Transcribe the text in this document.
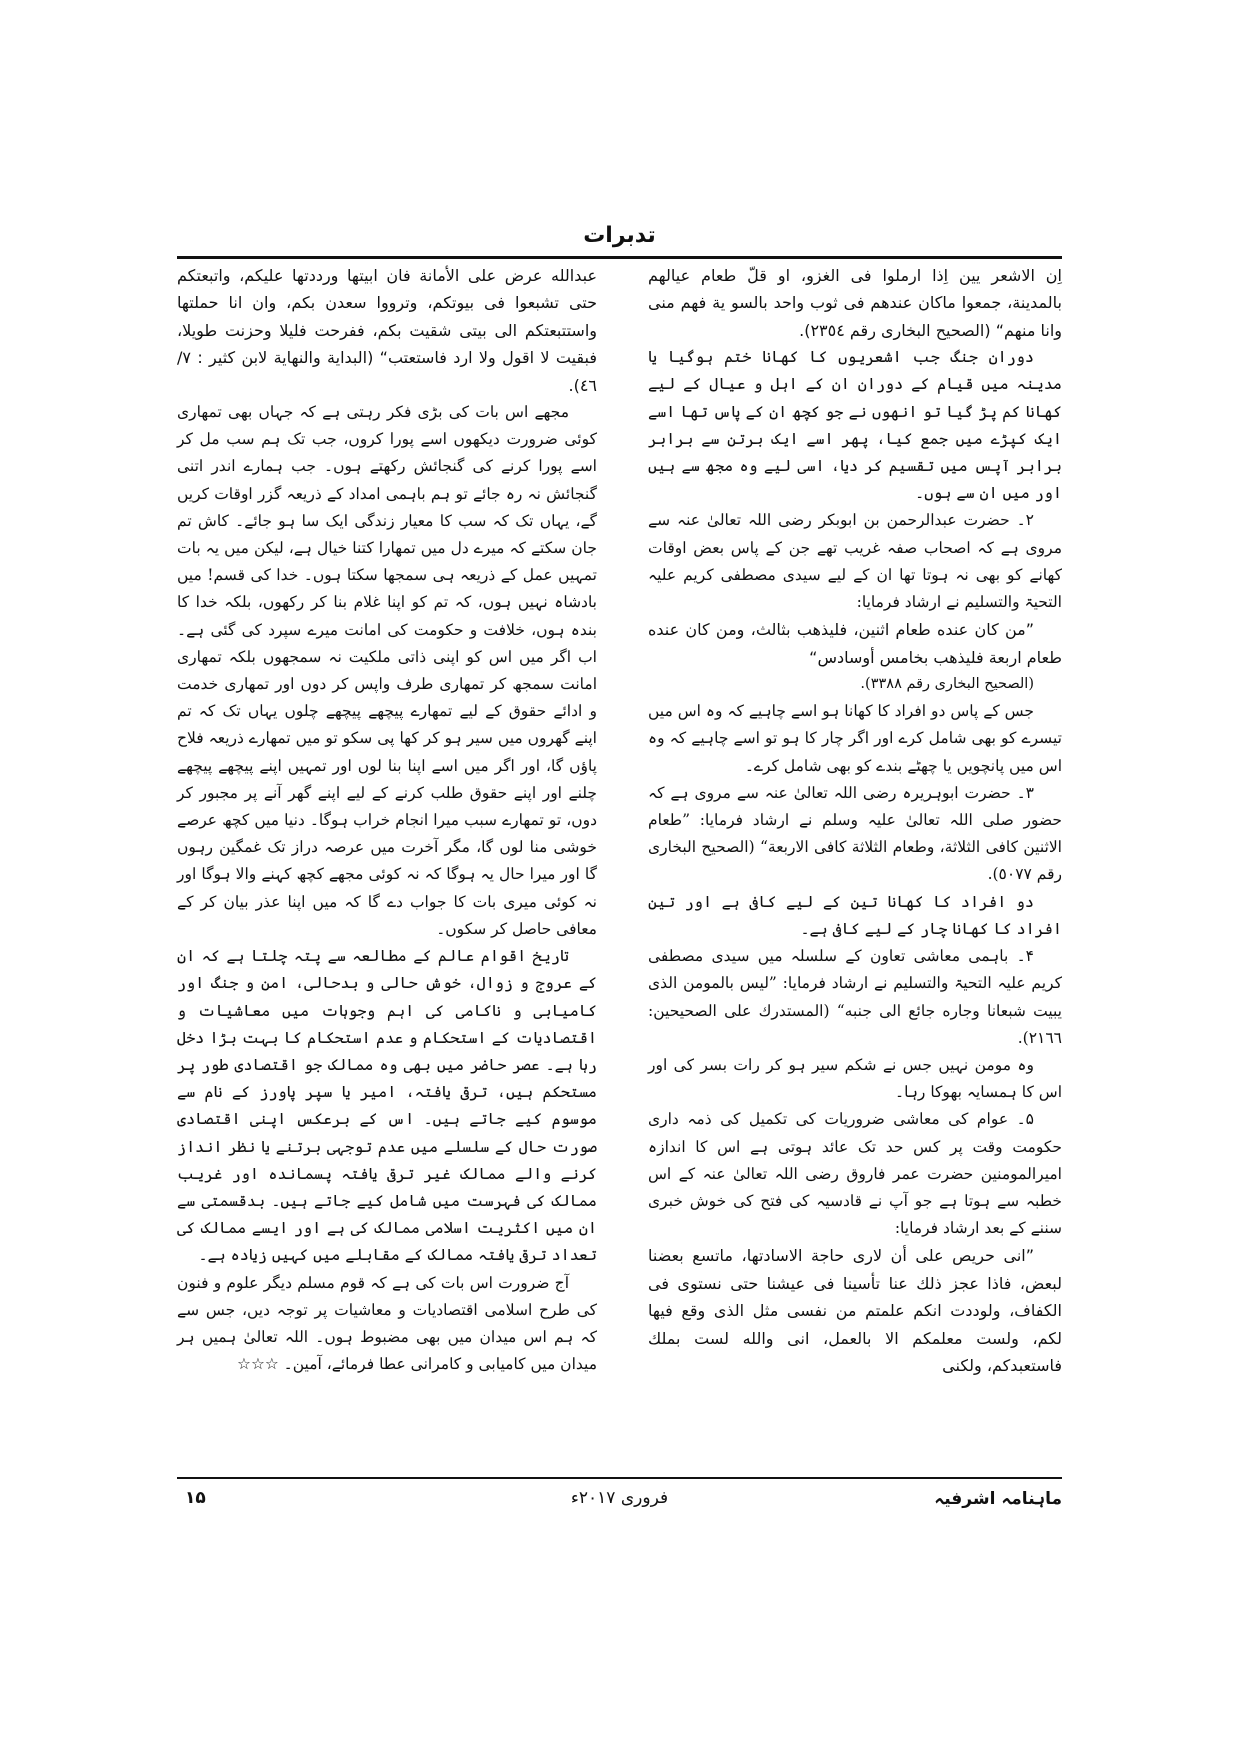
تدبرات

اِن الاشعر يين اِذا ارملوا فى الغزو، او قلّ طعام عيالهم بالمدينة، جمعوا ماكان عندهم فى ثوب واحد بالسو ية فهم منى وانا منهم“ (الصحيح البخارى رقم ٢٣٥٤).

دوران جنگ جب اشعریوں کا کھانا ختم ہوگیا یا مدینہ میں قیام کے دوران ان کے اہل و عیال کے لیے کھانا کم پڑ گیا تو انھوں نے جو کچھ ان کے پاس تھا اسے ایک کپڑے میں جمع کیا، پھر اسے ایک برتن سے برابر برابر آپس میں تقسیم کر دیا، اسی لیے وہ مجھ سے ہیں اور میں ان سے ہوں۔

۲۔ حضرت عبدالرحمن بن ابوبکر رضی اللہ تعالیٰ عنہ سے مروی ہے کہ اصحاب صفہ غریب تھے جن کے پاس بعض اوقات کھانے کو بھی نہ ہوتا تھا ان کے لیے سیدی مصطفی کریم علیہ التحیۃ والتسلیم نے ارشاد فرمایا:

”من كان عنده طعام اثنين، فليذهب بثالث، ومن كان عنده طعام اربعة فليذهب بخامس أوسادس“

(الصحيح البخارى رقم ٣٣٨٨).

جس کے پاس دو افراد کا کھانا ہو اسے چاہیے کہ وہ اس میں تیسرے کو بھی شامل کرے اور اگر چار کا ہو تو اسے چاہیے کہ وہ اس میں پانچویں یا چھٹے بندے کو بھی شامل کرے۔

۳۔ حضرت ابوہریرہ رضی اللہ تعالیٰ عنہ سے مروی ہے کہ حضور صلی اللہ تعالیٰ علیہ وسلم نے ارشاد فرمایا: ”طعام الاثنين كافى الثلاثة، وطعام الثلاثة كافى الاربعة“ (الصحيح البخارى رقم ٥٠٧٧).

دو افراد کا کھانا تین کے لیے کافی ہے اور تین افراد کا کھانا چار کے لیے کافی ہے۔

۴۔ باہمی معاشی تعاون کے سلسلہ میں سیدی مصطفی کریم علیہ التحیۃ والتسلیم نے ارشاد فرمایا: ”ليس بالمومن الذى يبيت شبعانا وجاره جائع الى جنبه“ (المستدرك على الصحيحين: ٢١٦٦).

وہ مومن نہیں جس نے شکم سیر ہو کر رات بسر کی اور اس کا ہمسایہ بھوکا رہا۔

۵۔ عوام کی معاشی ضروریات کی تکمیل کی ذمہ داری حکومت وقت پر کس حد تک عائد ہوتی ہے اس کا اندازہ امیرالمومنین حضرت عمر فاروق رضی اللہ تعالیٰ عنہ کے اس خطبہ سے ہوتا ہے جو آپ نے قادسیہ کی فتح کی خوش خبری سننے کے بعد ارشاد فرمایا:

”انى حريص على أن لارى حاجة الاسادتها، ماتسع بعضنا لبعض، فاذا عجز ذلك عنا تأسينا فى عيشنا حتى نستوى فى الكفاف، ولوددت انكم علمتم من نفسى مثل الذى وقع فيها لكم، ولست معلمكم الا بالعمل، انى والله لست بملك فاستعبدكم، ولكنى

عبدالله عرض على الأمانة فان ابيتها ورددتها عليكم، واتبعتكم حتى تشبعوا فى بيوتكم، وترووا سعدن بكم، وان انا حملتها واستتبعتكم الى بيتى شقيت بكم، ففرحت فليلا وحزنت طويلا، فبقيت لا اقول ولا ارد فاستعتب“ (البداية والنهاية لابن كثير : ٧/ ٤٦).

مجھے اس بات کی بڑی فکر رہتی ہے کہ جہاں بھی تمھاری کوئی ضرورت دیکھوں اسے پورا کروں، جب تک ہم سب مل کر اسے پورا کرنے کی گنجائش رکھتے ہوں۔ جب ہمارے اندر اتنی گنجائش نہ رہ جائے تو ہم باہمی امداد کے ذریعہ گزر اوقات کریں گے، یہاں تک کہ سب کا معیار زندگی ایک سا ہو جائے۔ کاش تم جان سکتے کہ میرے دل میں تمھارا کتنا خیال ہے، لیکن میں یہ بات تمہیں عمل کے ذریعہ ہی سمجھا سکتا ہوں۔ خدا کی قسم! میں بادشاہ نہیں ہوں، کہ تم کو اپنا غلام بنا کر رکھوں، بلکہ خدا کا بندہ ہوں، خلافت و حکومت کی امانت میرے سپرد کی گئی ہے۔ اب اگر میں اس کو اپنی ذاتی ملکیت نہ سمجھوں بلکہ تمھاری امانت سمجھ کر تمھاری طرف واپس کر دوں اور تمھاری خدمت و ادائے حقوق کے لیے تمھارے پیچھے پیچھے چلوں یہاں تک کہ تم اپنے گھروں میں سیر ہو کر کھا پی سکو تو میں تمھارے ذریعہ فلاح پاؤں گا، اور اگر میں اسے اپنا بنا لوں اور تمہیں اپنے پیچھے پیچھے چلنے اور اپنے حقوق طلب کرنے کے لیے اپنے گھر آنے پر مجبور کر دوں، تو تمھارے سبب میرا انجام خراب ہوگا۔ دنیا میں کچھ عرصے خوشی منا لوں گا، مگر آخرت میں عرصہ دراز تک غمگین رہوں گا اور میرا حال یہ ہوگا کہ نہ کوئی مجھے کچھ کہنے والا ہوگا اور نہ کوئی میری بات کا جواب دے گا کہ میں اپنا عذر بیان کر کے معافی حاصل کر سکوں۔

تاریخ اقوام عالم کے مطالعہ سے پتہ چلتا ہے کہ ان کے عروج و زوال، خوش حالی و بدحالی، امن و جنگ اور کامیابی و ناکامی کی اہم وجوہات میں معاشیات و اقتصادیات کے استحکام و عدم استحکام کا بہت بڑا دخل رہا ہے۔ عصر حاضر میں بھی وہ ممالک جو اقتصادی طور پر مستحکم ہیں، ترقی یافتہ، امیر یا سپر پاورز کے نام سے موسوم کیے جاتے ہیں۔ اس کے برعکس اپنی اقتصادی صورت حال کے سلسلے میں عدم توجہی برتنے یا نظر انداز کرنے والے ممالک غیر ترقی یافتہ پسماندہ اور غریب ممالک کی فہرست میں شامل کیے جاتے ہیں۔ بدقسمتی سے ان میں اکثریت اسلامی ممالک کی ہے اور ایسے ممالک کی تعداد ترقی یافتہ ممالک کے مقابلے میں کہیں زیادہ ہے۔

آج ضرورت اس بات کی ہے کہ قوم مسلم دیگر علوم و فنون کی طرح اسلامی اقتصادیات و معاشیات پر توجہ دیں، جس سے کہ ہم اس میدان میں بھی مضبوط ہوں۔ اللہ تعالیٰ ہمیں ہر میدان میں کامیابی و کامرانی عطا فرمائے، آمین۔ ☆☆☆

ماہنامہ اشرفیہ
فروری ۲۰۱۷ء
۱۵
